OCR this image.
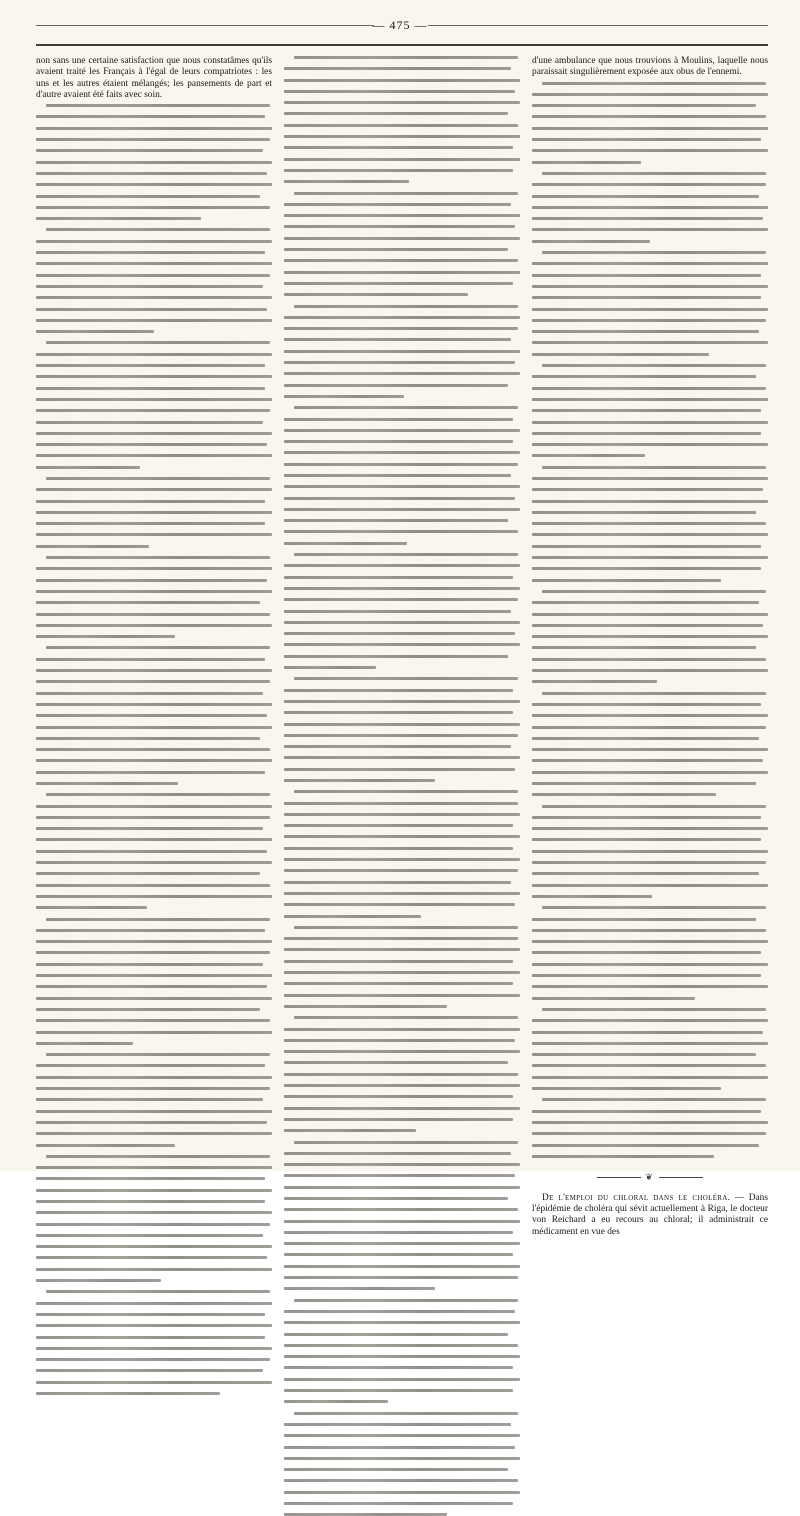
— 475 —

non sans une certaine satisfaction que nous constatâmes qu'ils avaient traité les Français à l'égal de leurs compatriotes : les uns et les autres étaient mélangés; les pansements de part et d'autre avaient été faits avec soin.

d'une ambulance que nous trouvions à Moulins, laquelle nous paraissait singulièrement exposée aux obus de l'ennemi.

❦

De l'emploi du chloral dans le choléra. — Dans l'épidémie de choléra qui sévit actuellement à Riga, le docteur von Reichard a eu recours au chloral; il administrait ce médicament en vue des
